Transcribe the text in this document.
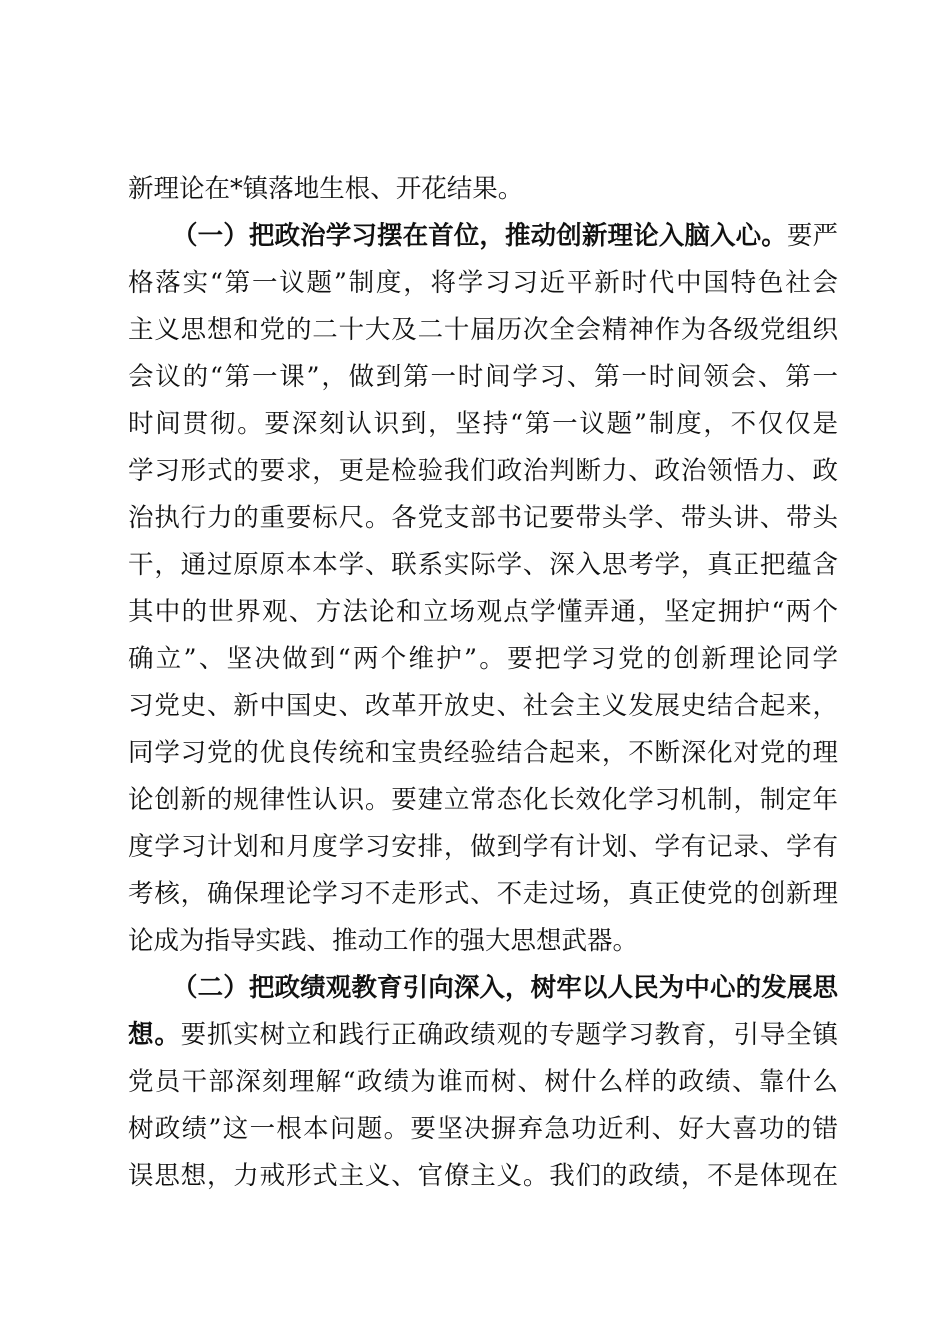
新理论在*镇落地生根、开花结果。
（一）把政治学习摆在首位，推动创新理论入脑入心。要严
格落实“第一议题”制度，将学习习近平新时代中国特色社会
主义思想和党的二十大及二十届历次全会精神作为各级党组织
会议的“第一课”，做到第一时间学习、第一时间领会、第一
时间贯彻。要深刻认识到，坚持“第一议题”制度，不仅仅是
学习形式的要求，更是检验我们政治判断力、政治领悟力、政
治执行力的重要标尺。各党支部书记要带头学、带头讲、带头
干，通过原原本本学、联系实际学、深入思考学，真正把蕴含
其中的世界观、方法论和立场观点学懂弄通，坚定拥护“两个
确立”、坚决做到“两个维护”。要把学习党的创新理论同学
习党史、新中国史、改革开放史、社会主义发展史结合起来，
同学习党的优良传统和宝贵经验结合起来，不断深化对党的理
论创新的规律性认识。要建立常态化长效化学习机制，制定年
度学习计划和月度学习安排，做到学有计划、学有记录、学有
考核，确保理论学习不走形式、不走过场，真正使党的创新理
论成为指导实践、推动工作的强大思想武器。
（二）把政绩观教育引向深入，树牢以人民为中心的发展思
想。要抓实树立和践行正确政绩观的专题学习教育，引导全镇
党员干部深刻理解“政绩为谁而树、树什么样的政绩、靠什么
树政绩”这一根本问题。要坚决摒弃急功近利、好大喜功的错
误思想，力戒形式主义、官僚主义。我们的政绩，不是体现在
